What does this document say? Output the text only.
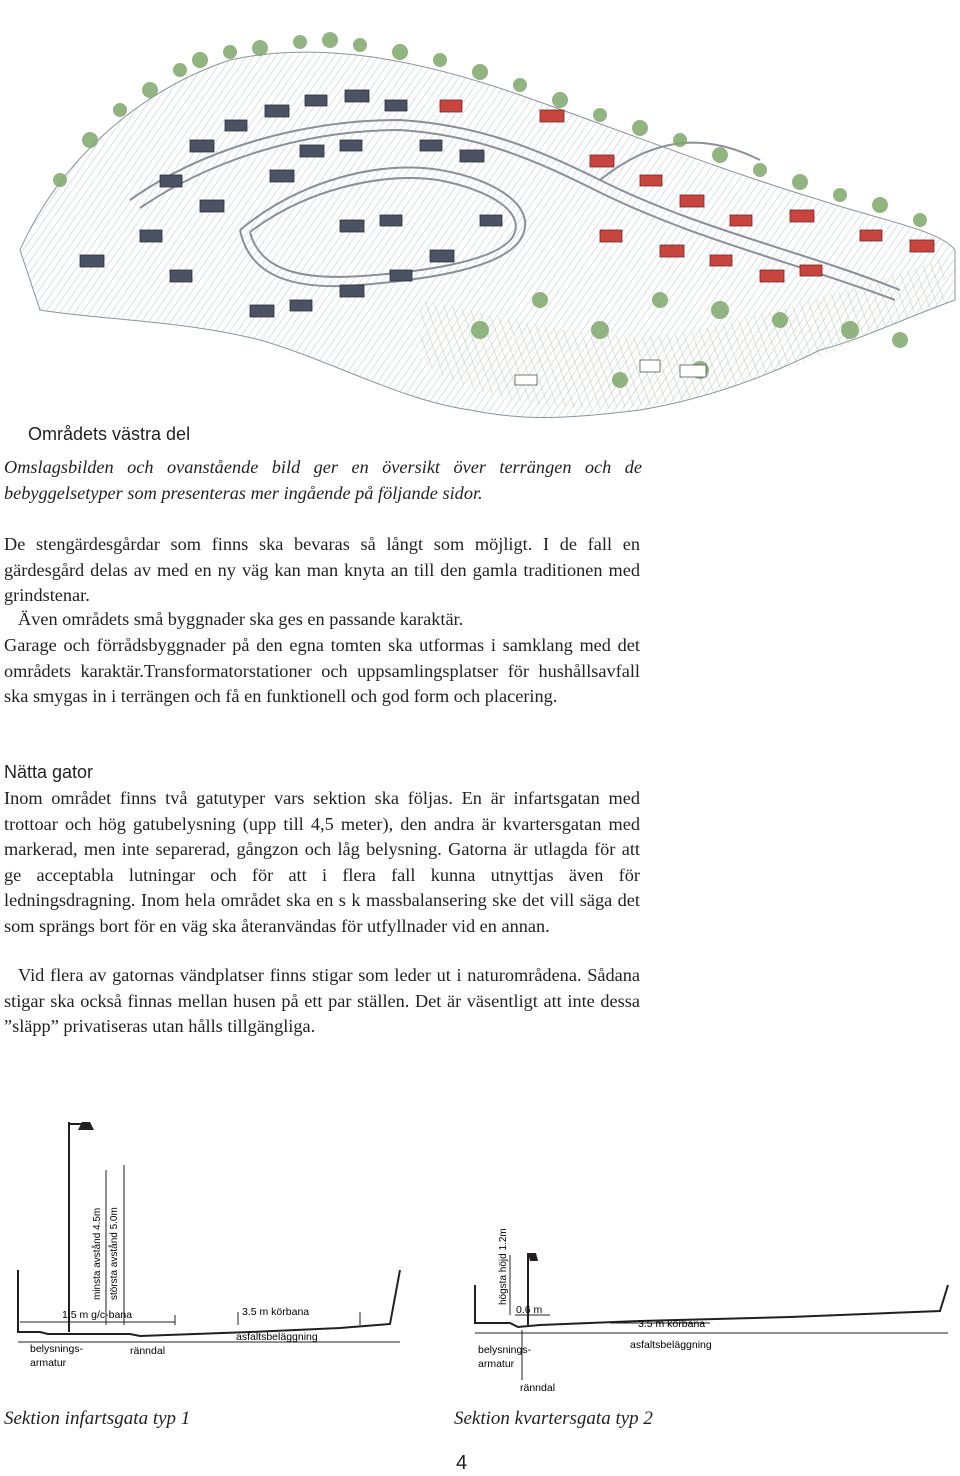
Områdets västra del

Omslagsbilden och ovanstående bild ger en översikt över terrängen och de bebyggelsetyper som presenteras mer ingående på följande sidor.

De stengärdesgårdar som finns ska bevaras så långt som möjligt. I de fall en gärdesgård delas av med en ny väg kan man knyta an till den gamla traditionen med grindstenar.

Även områdets små byggnader ska ges en passande karaktär.

Garage och förrådsbyggnader på den egna tomten ska utformas i samklang med det områdets karaktär.Transformatorstationer och uppsamlingsplatser för hushållsavfall ska smygas in i terrängen och få en funktionell och god form och placering.

Nätta gator

Inom området finns två gatutyper vars sektion ska följas. En är infartsgatan med trottoar och hög gatubelysning (upp till 4,5 meter), den andra är kvartersgatan med markerad, men inte separerad, gångzon och låg belysning. Gatorna är utlagda för att ge acceptabla lutningar och för att i flera fall kunna utnyttjas även för ledningsdragning. Inom hela området ska en s k massbalansering ske det vill säga det som sprängs bort för en väg ska återanvändas för utfyllnader vid en annan.

Vid flera av gatornas vändplatser finns stigar som leder ut i naturområdena. Sådana stigar ska också finnas mellan husen på ett par ställen. Det är väsentligt att inte dessa ”släpp” privatiseras utan hålls tillgängliga.

minsta avstånd 4.5m största avstånd 5.0m
1.5 m g/c-bana	3.5 m körbana
asfaltsbeläggning
belysnings-
armatur
ränndal
högsta höjd 1.2m
0.6 m
3.5 m körbana
asfaltsbeläggning
belysnings-
armatur
ränndal
Sektion infartsgata typ 1	Sektion kvartersgata typ 2
4
